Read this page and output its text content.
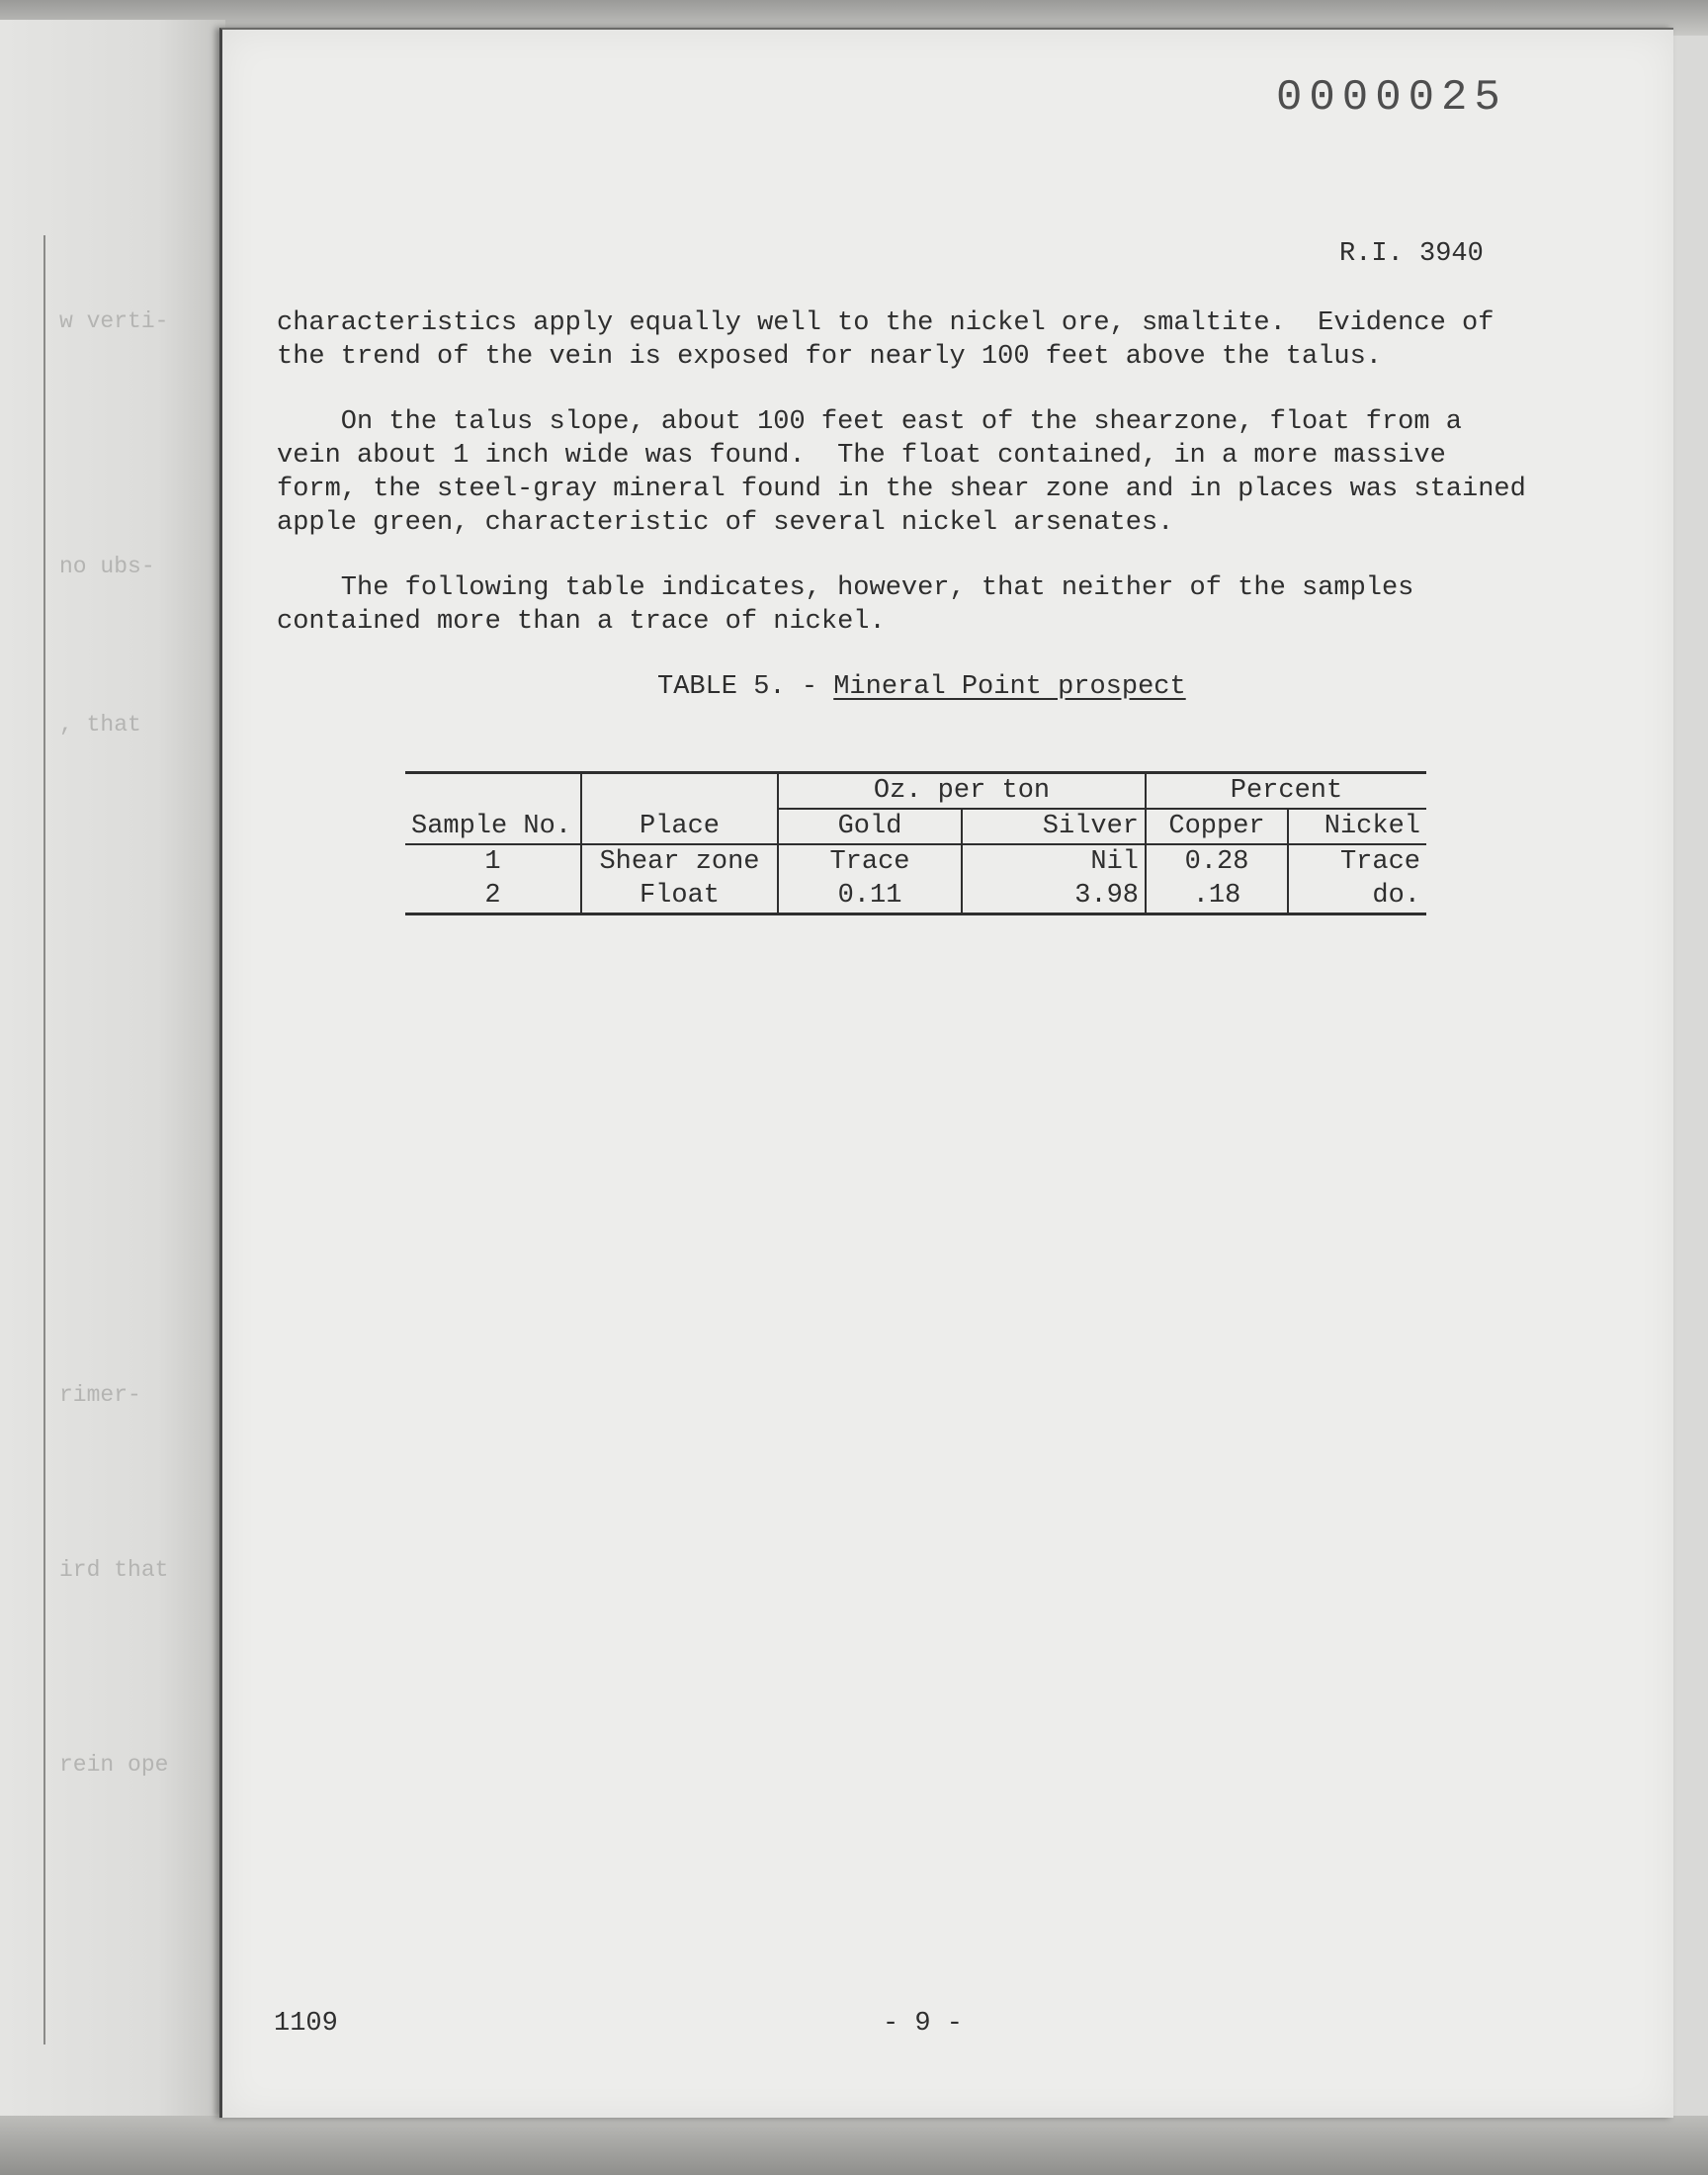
w verti-
no ubs-
, that
rimer-
ird that
rein ope
0000025
R.I. 3940

characteristics apply equally well to the nickel ore, smaltite.  Evidence of
the trend of the vein is exposed for nearly 100 feet above the talus.

On the talus slope, about 100 feet east of the shearzone, float from a
vein about 1 inch wide was found.  The float contained, in a more massive
form, the steel-gray mineral found in the shear zone and in places was stained
apple green, characteristic of several nickel arsenates.

The following table indicates, however, that neither of the samples
contained more than a trace of nickel.

TABLE 5. - Mineral Point prospect
		Oz. per ton		Percent	
Sample No.	Place	Gold	Silver	Copper	Nickel
1	Shear zone	Trace	Nil	0.28	Trace
2	Float	0.11	3.98	.18	do.
1109	- 9 -
